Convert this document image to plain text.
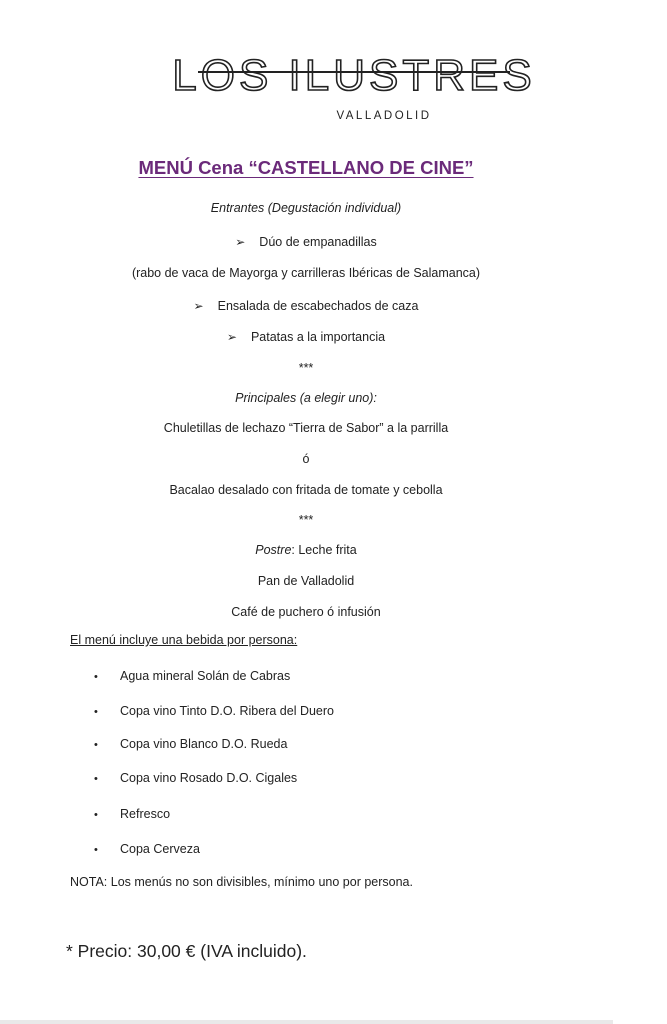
LOS ILUSTRES
VALLADOLID
MENÚ Cena “CASTELLANO DE CINE”
Entrantes (Degustación individual)
➢ Dúo de empanadillas
(rabo de vaca de Mayorga y carrilleras Ibéricas de Salamanca)
➢ Ensalada de escabechados de caza
➢ Patatas a la importancia
***
Principales (a elegir uno):
Chuletillas de lechazo “Tierra de Sabor” a la parrilla
ó
Bacalao desalado con fritada de tomate y cebolla
***
Postre: Leche frita
Pan de Valladolid
Café de puchero ó infusión
El menú incluye una bebida por persona:
• Agua mineral Solán de Cabras
• Copa vino Tinto D.O. Ribera del Duero
• Copa vino Blanco D.O. Rueda
• Copa vino Rosado D.O. Cigales
• Refresco
• Copa Cerveza
NOTA: Los menús no son divisibles, mínimo uno por persona.
* Precio: 30,00 € (IVA incluido).
